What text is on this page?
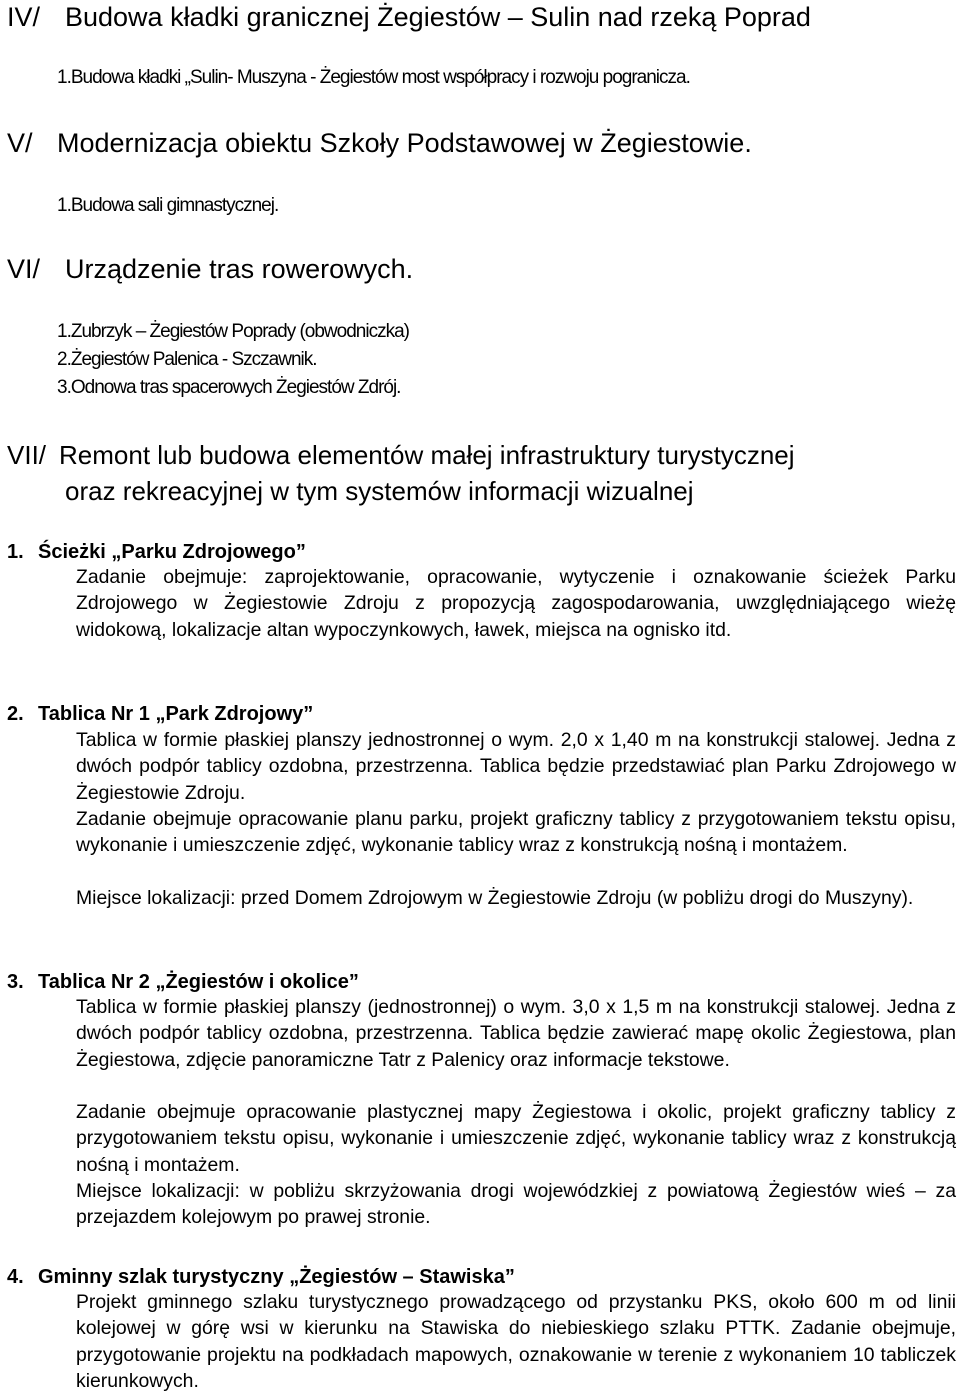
IV/ Budowa kładki granicznej Żegiestów – Sulin nad rzeką Poprad
1.Budowa kładki „Sulin- Muszyna - Żegiestów most współpracy i rozwoju pogranicza.
V/ Modernizacja obiektu Szkoły Podstawowej w Żegiestowie.
1.Budowa sali gimnastycznej.
VI/ Urządzenie tras rowerowych.
1.Zubrzyk – Żegiestów Poprady (obwodniczka)
2.Żegiestów Palenica - Szczawnik.
3.Odnowa tras spacerowych Żegiestów Zdrój.
VII/ Remont lub budowa elementów małej infrastruktury turystycznej
oraz rekreacyjnej w tym systemów informacji wizualnej
1. Ścieżki „Parku Zdrojowego”
Zadanie obejmuje: zaprojektowanie, opracowanie, wytyczenie i oznakowanie ścieżek Parku Zdrojowego w Żegiestowie Zdroju z propozycją zagospodarowania, uwzględniającego wieżę widokową, lokalizacje altan wypoczynkowych, ławek, miejsca na ognisko itd.
2. Tablica Nr 1 „Park Zdrojowy”
Tablica w formie płaskiej planszy jednostronnej o wym. 2,0 x 1,40 m na konstrukcji stalowej. Jedna z dwóch podpór tablicy ozdobna, przestrzenna. Tablica będzie przedstawiać plan Parku Zdrojowego w Żegiestowie Zdroju.
Zadanie obejmuje opracowanie planu parku, projekt graficzny tablicy z przygotowaniem tekstu opisu, wykonanie i umieszczenie zdjęć, wykonanie tablicy wraz z konstrukcją nośną i montażem.
Miejsce lokalizacji: przed Domem Zdrojowym w Żegiestowie Zdroju (w pobliżu drogi do Muszyny).
3. Tablica Nr 2 „Żegiestów i okolice”
Tablica w formie płaskiej planszy (jednostronnej) o wym. 3,0 x 1,5 m na konstrukcji stalowej. Jedna z dwóch podpór tablicy ozdobna, przestrzenna. Tablica będzie zawierać mapę okolic Żegiestowa, plan Żegiestowa, zdjęcie panoramiczne Tatr z Palenicy oraz informacje tekstowe.
Zadanie obejmuje opracowanie plastycznej mapy Żegiestowa i okolic, projekt graficzny tablicy z przygotowaniem tekstu opisu, wykonanie i umieszczenie zdjęć, wykonanie tablicy wraz z konstrukcją nośną i montażem.
Miejsce lokalizacji: w pobliżu skrzyżowania drogi wojewódzkiej z powiatową Żegiestów wieś – za przejazdem kolejowym po prawej stronie.
4. Gminny szlak turystyczny „Żegiestów – Stawiska”
Projekt gminnego szlaku turystycznego prowadzącego od przystanku PKS, około 600 m od linii kolejowej w górę wsi w kierunku na Stawiska do niebieskiego szlaku PTTK. Zadanie obejmuje, przygotowanie projektu na podkładach mapowych, oznakowanie w terenie z wykonaniem 10 tabliczek kierunkowych.
